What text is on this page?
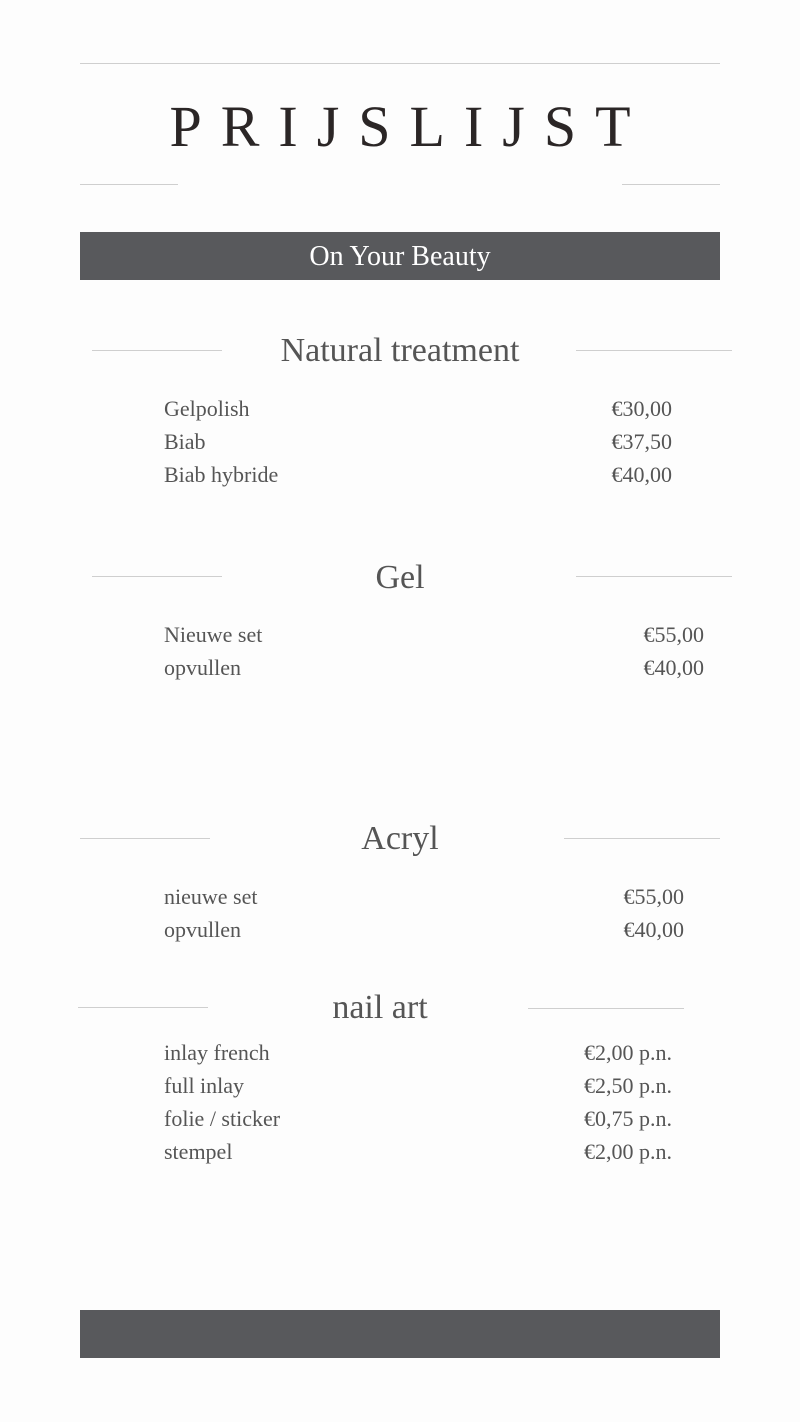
PRIJSLIJST
On Your Beauty
Natural treatment
Gelpolish	€30,00
Biab	€37,50
Biab hybride	€40,00
Gel
Nieuwe set	€55,00
opvullen	€40,00
Acryl
nieuwe set	€55,00
opvullen	€40,00
nail art
inlay french	€2,00 p.n.
full inlay	€2,50 p.n.
folie / sticker	€0,75 p.n.
stempel	€2,00 p.n.
